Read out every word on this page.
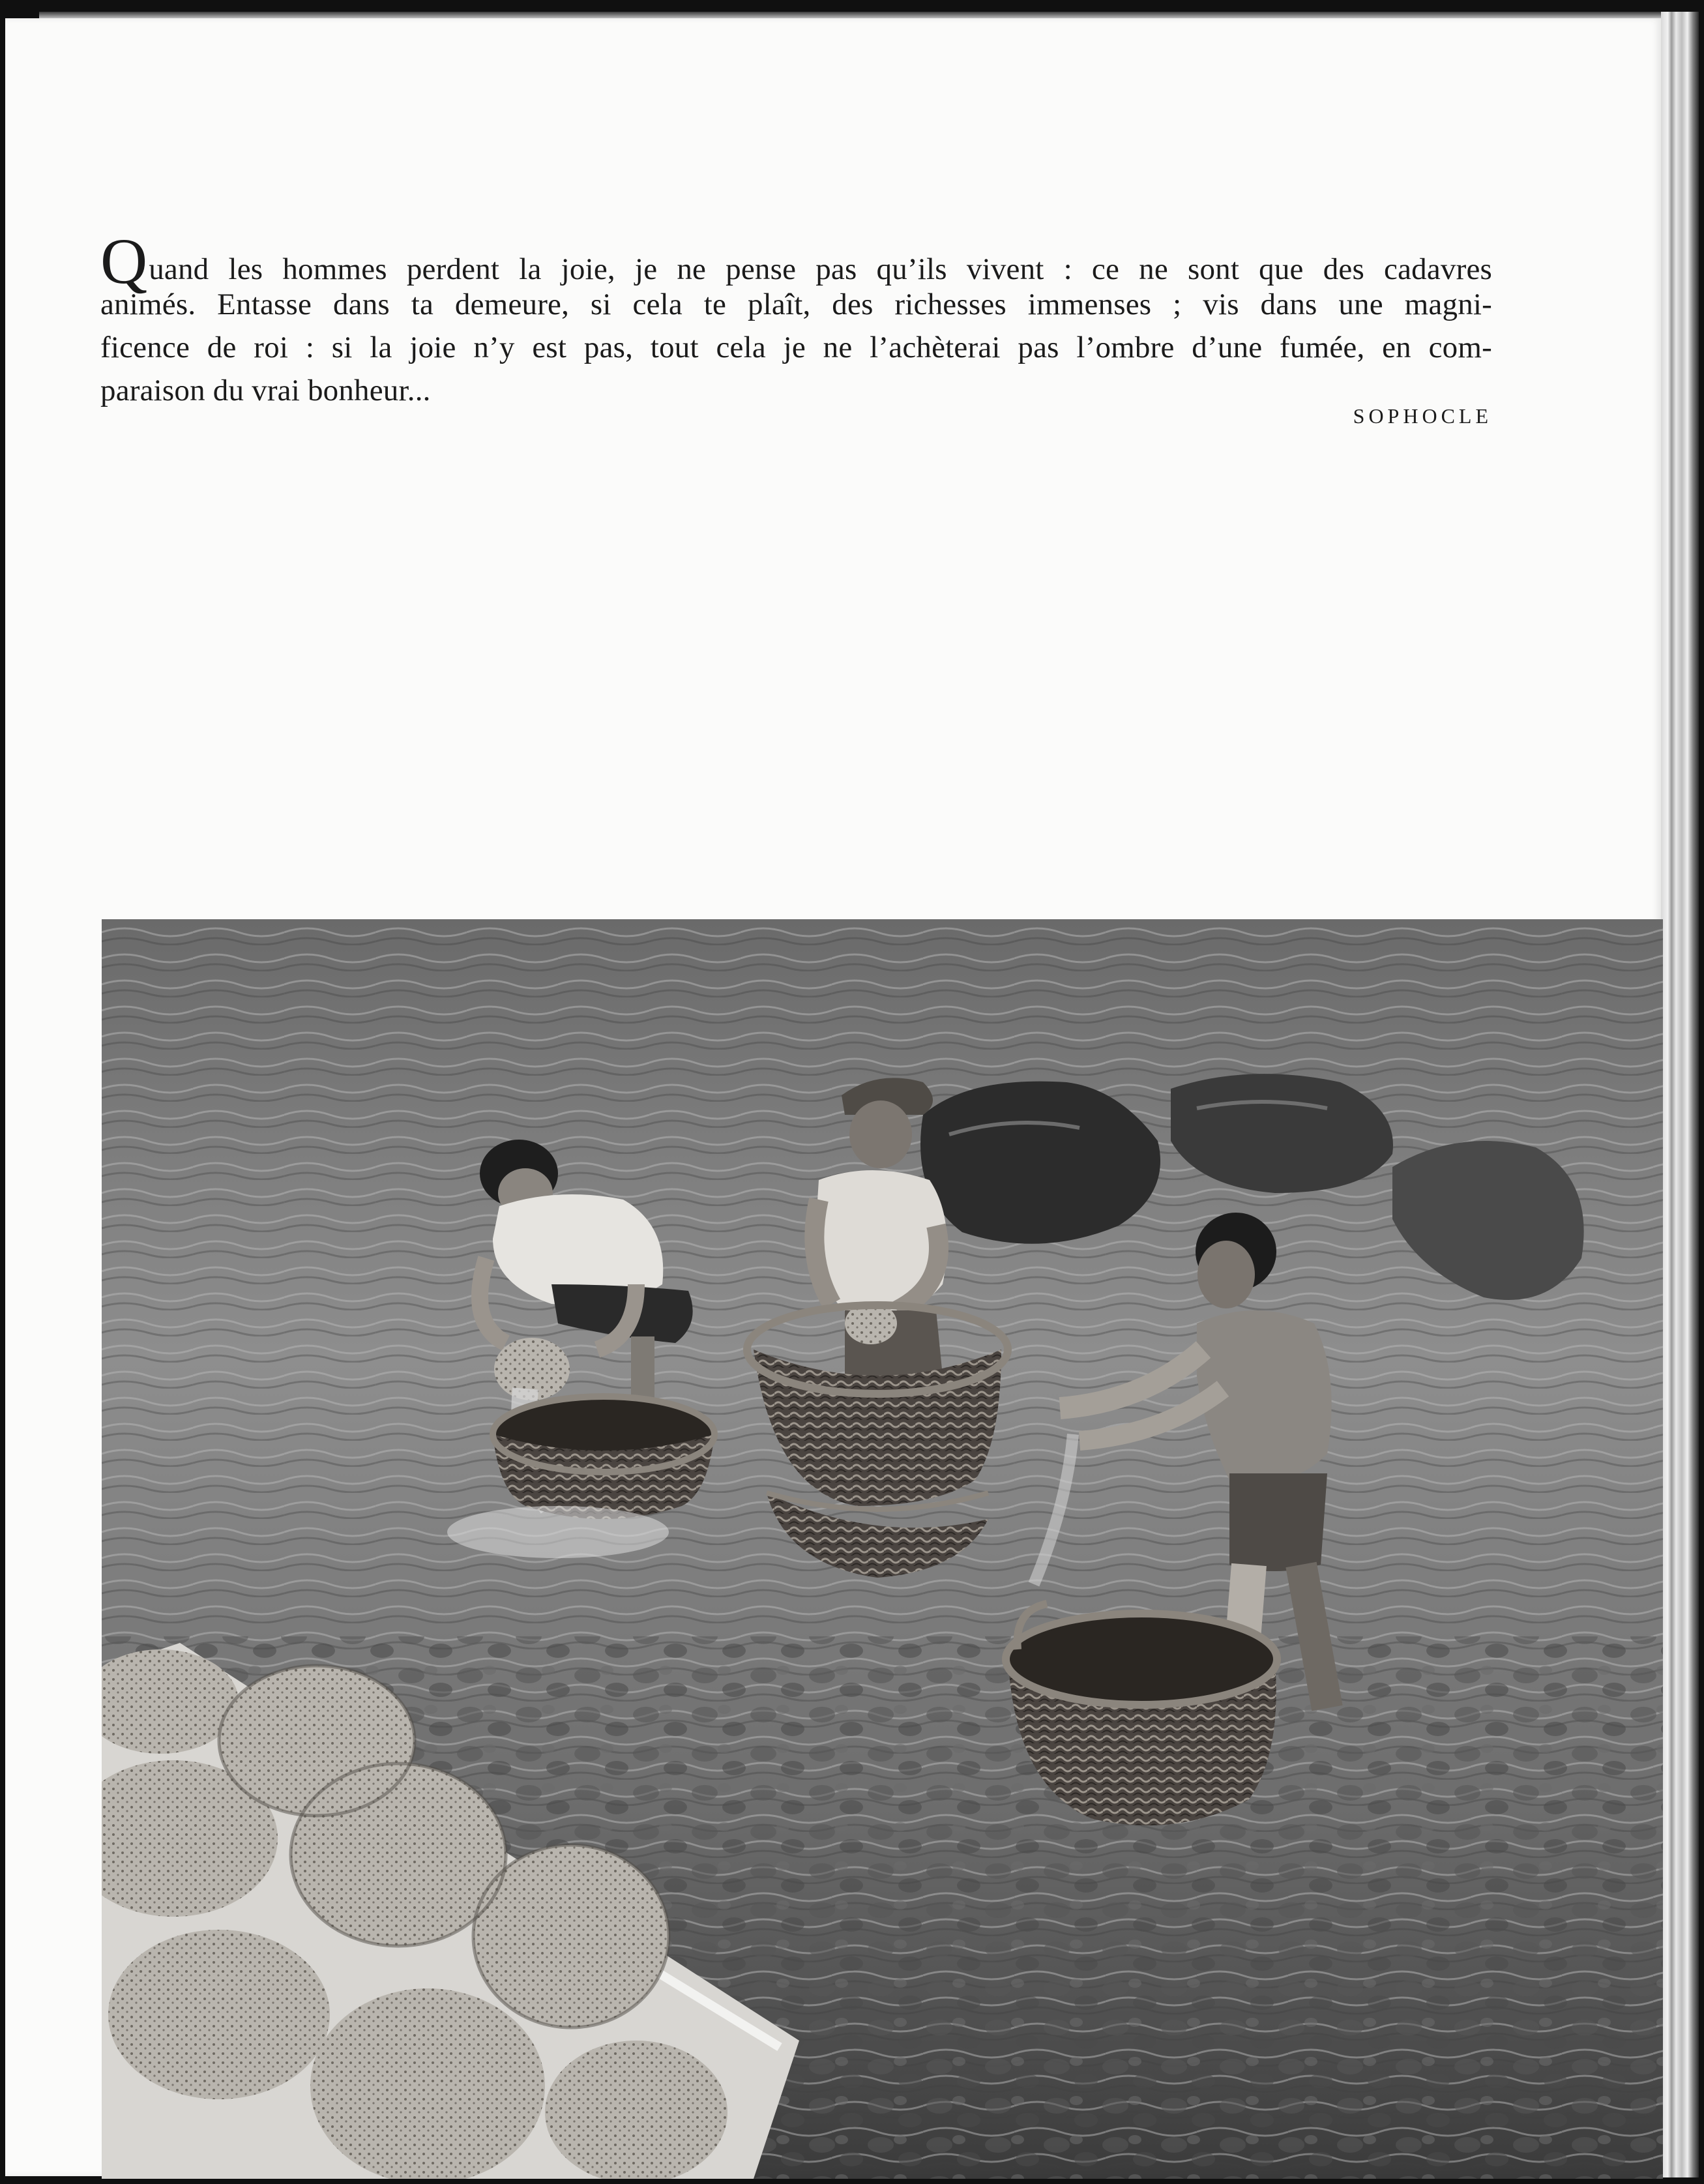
Quand les hommes perdent la joie, je ne pense pas qu’ils vivent : ce ne sont que des cadavres
animés. Entasse dans ta demeure, si cela te plaît, des richesses immenses ; vis dans une magni-
ficence de roi : si la joie n’y est pas, tout cela je ne l’achèterai pas l’ombre d’une fumée, en com-
paraison du vrai bonheur...
SOPHOCLE
